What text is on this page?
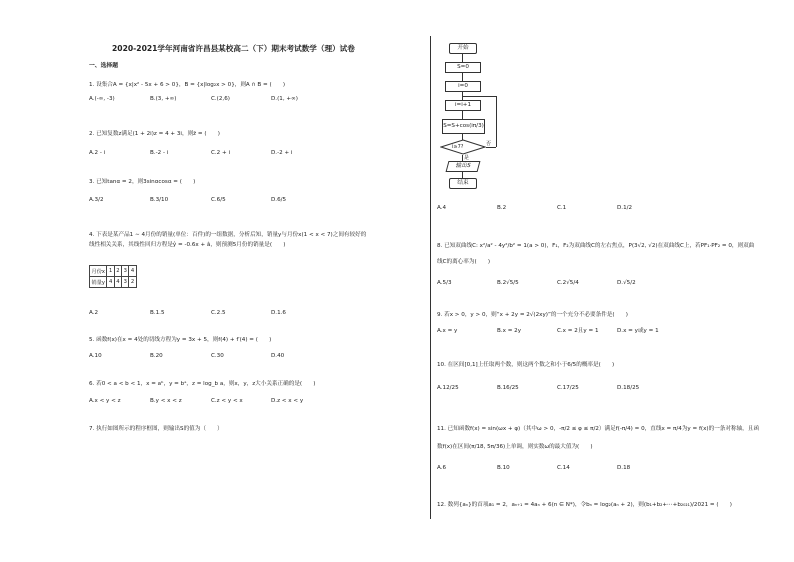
2020-2021学年河南省许昌县某校高二（下）期末考试数学（理）试卷
一、选择题
1. 设集合A = {x|x² - 5x + 6 > 0}，B = {x|log₂x > 0}，则A ∩ B = (　　)
A.(-∞, -3)	B.(3, +∞)	C.(2,6)	D.(1, +∞)
2. 已知复数z满足(1 + 2i)z = 4 + 3i，则z̄ = (　　)
A.2 - i	B.-2 - i	C.2 + i	D.-2 + i
3. 已知tanα = 2，则3sinαcosα = (　　)
A.3/2	B.3/10	C.6/5	D.6/5
4. 下表是某产品1 ∼ 4月份的销量(单位：百件)的一组数据，分析后知，销量y与月份x(1 < x < 7)之间有较好的
线性相关关系，其线性回归方程是ŷ = -0.6x + â，则预测5月份的销量是(　　)
月份x	1	2	3	4
销量y	4	4	3	2
A.2	B.1.5	C.2.5	D.1.6
5. 函数f(x)在x = 4处的切线方程为y = 3x + 5，则f(4) + f′(4) = (　　)
A.10	B.20	C.30	D.40
6. 若0 < a < b < 1，x = aᵇ，y = bᵃ，z = log_b a，则x，y，z大小关系正确的是(　　)
A.x < y < z	B.y < x < z	C.z < y < x	D.z < x < y
7. 执行如图所示的程序框图，则输出S的值为（　　）
开始
S=0
i=0
i=i+1
S=S+cos(iπ/3)
i≥7?	否
是
输出S
结束
A.4	B.2	C.1	D.1/2
8. 已知双曲线C: x²/a² - 4y²/b² = 1(a > 0)，F₁，F₂为双曲线C的左右焦点，P(3√2, √2)在双曲线C上，若PF₁·PF₂ = 0，则双曲
线C的离心率为(　　)
A.5/3	B.2√5/5	C.2√5/4	D.√5/2
9. 若x > 0，y > 0，则“x + 2y = 2√(2xy)”的一个充分不必要条件是(　　)
A.x = y	B.x = 2y	C.x = 2且y = 1	D.x = y或y = 1
10. 在区间[0,1]上任取两个数，则这两个数之和小于6/5的概率是(　　)
A.12/25	B.16/25	C.17/25	D.18/25
11. 已知函数f(x) = sin(ωx + φ)（其中ω > 0，-π/2 ≤ φ ≤ π/2）满足f(-π/4) = 0，直线x = π/4为y = f(x)的一条对称轴，且函
数f(x)在区间(π/18, 5π/36)上单调，则实数ω的最大值为(　　)
A.6	B.10	C.14	D.18
12. 数列{aₙ}的首项a₁ = 2，aₙ₊₁ = 4aₙ + 6(n ∈ N*)，令bₙ = log₂(aₙ + 2)，则(b₁+b₂+⋯+b₂₀₂₁)/2021 = (　　)
